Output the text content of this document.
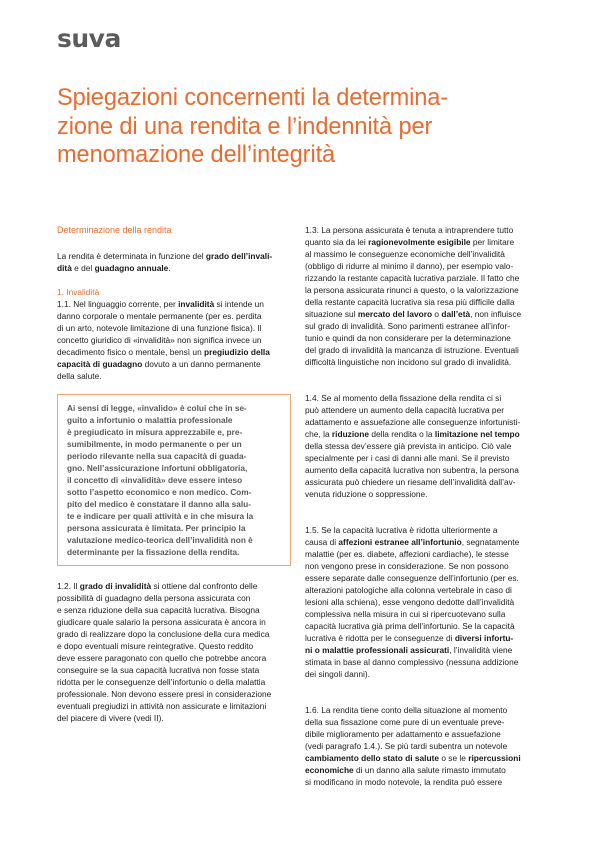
suva
Spiegazioni concernenti la determina-
zione di una rendita e l’indennità per
menomazione dell’integrità

Determinazione della rendita

La rendita è determinata in funzione del grado dell’invali-
dità e del guadagno annuale.

1. Invalidità

1.1. Nel linguaggio corrente, per invalidità si intende un
danno corporale o mentale permanente (per es. perdita
di un arto, notevole limitazione di una funzione fisica). Il
concetto giuridico di «invalidità» non significa invece un
decadimento fisico o mentale, bensì un pregiudizio della
capacità di guadagno dovuto a un danno permanente
della salute.

Ai sensi di legge, «invalido» è colui che in se-
guito a infortunio o malattia professionale
è pregiudicato in misura apprezzabile e, pre-
sumibilmente, in modo permanente o per un
periodo rilevante nella sua capacità di guada-
gno. Nell’assicurazione infortuni obbligatoria,
il concetto di «invalidità» deve essere inteso
sotto l’aspetto economico e non medico. Com-
pito del medico è constatare il danno alla salu-
te e indicare per quali attività e in che misura la
persona assicurata è limitata. Per principio la
valutazione medico-teorica dell’invalidità non è
determinante per la fissazione della rendita.

1.2. Il grado di invalidità si ottiene dal confronto delle
possibilità di guadagno della persona assicurata con
e senza riduzione della sua capacità lucrativa. Bisogna
giudicare quale salario la persona assicurata è ancora in
grado di realizzare dopo la conclusione della cura medica
e dopo eventuali misure reintegrative. Questo reddito
deve essere paragonato con quello che potrebbe ancora
conseguire se la sua capacità lucrativa non fosse stata
ridotta per le conseguenze dell’infortunio o della malattia
professionale. Non devono essere presi in considerazione
eventuali pregiudizi in attività non assicurate e limitazioni
del piacere di vivere (vedi II).

1.3. La persona assicurata è tenuta a intraprendere tutto
quanto sia da lei ragionevolmente esigibile per limitare
al massimo le conseguenze economiche dell’invalidità
(obbligo di ridurre al minimo il danno), per esempio valo-
rizzando la restante capacità lucrativa parziale. Il fatto che
la persona assicurata rinunci a questo, o la valorizzazione
della restante capacità lucrativa sia resa più difficile dalla
situazione sul mercato del lavoro o dall’età, non influisce
sul grado di invalidità. Sono parimenti estranee all’infor-
tunio e quindi da non considerare per la determinazione
del grado di invalidità la mancanza di istruzione. Eventuali
difficoltà linguistiche non incidono sul grado di invalidità.

1.4. Se al momento della fissazione della rendita ci si
può attendere un aumento della capacità lucrativa per
adattamento e assuefazione alle conseguenze infortunisti-
che, la riduzione della rendita o la limitazione nel tempo
della stessa dev’essere già prevista in anticipo. Ciò vale
specialmente per i casi di danni alle mani. Se il previsto
aumento della capacità lucrativa non subentra, la persona
assicurata può chiedere un riesame dell’invalidità dall’av-
venuta riduzione o soppressione.

1.5. Se la capacità lucrativa è ridotta ulteriormente a
causa di affezioni estranee all’infortunio, segnatamente
malattie (per es. diabete, affezioni cardiache), le stesse
non vengono prese in considerazione. Se non possono
essere separate dalle conseguenze dell’infortunio (per es.
alterazioni patologiche alla colonna vertebrale in caso di
lesioni alla schiena), esse vengono dedotte dall’invalidità
complessiva nella misura in cui si ripercuotevano sulla
capacità lucrativa già prima dell’infortunio. Se la capacità
lucrativa è ridotta per le conseguenze di diversi infortu-
ni o malattie professionali assicurati, l’invalidità viene
stimata in base al danno complessivo (nessuna addizione
dei singoli danni).

1.6. La rendita tiene conto della situazione al momento
della sua fissazione come pure di un eventuale preve-
dibile miglioramento per adattamento e assuefazione
(vedi paragrafo 1.4.). Se più tardi subentra un notevole
cambiamento dello stato di salute o se le ripercussioni
economiche di un danno alla salute rimasto immutato
si modificano in modo notevole, la rendita può essere
